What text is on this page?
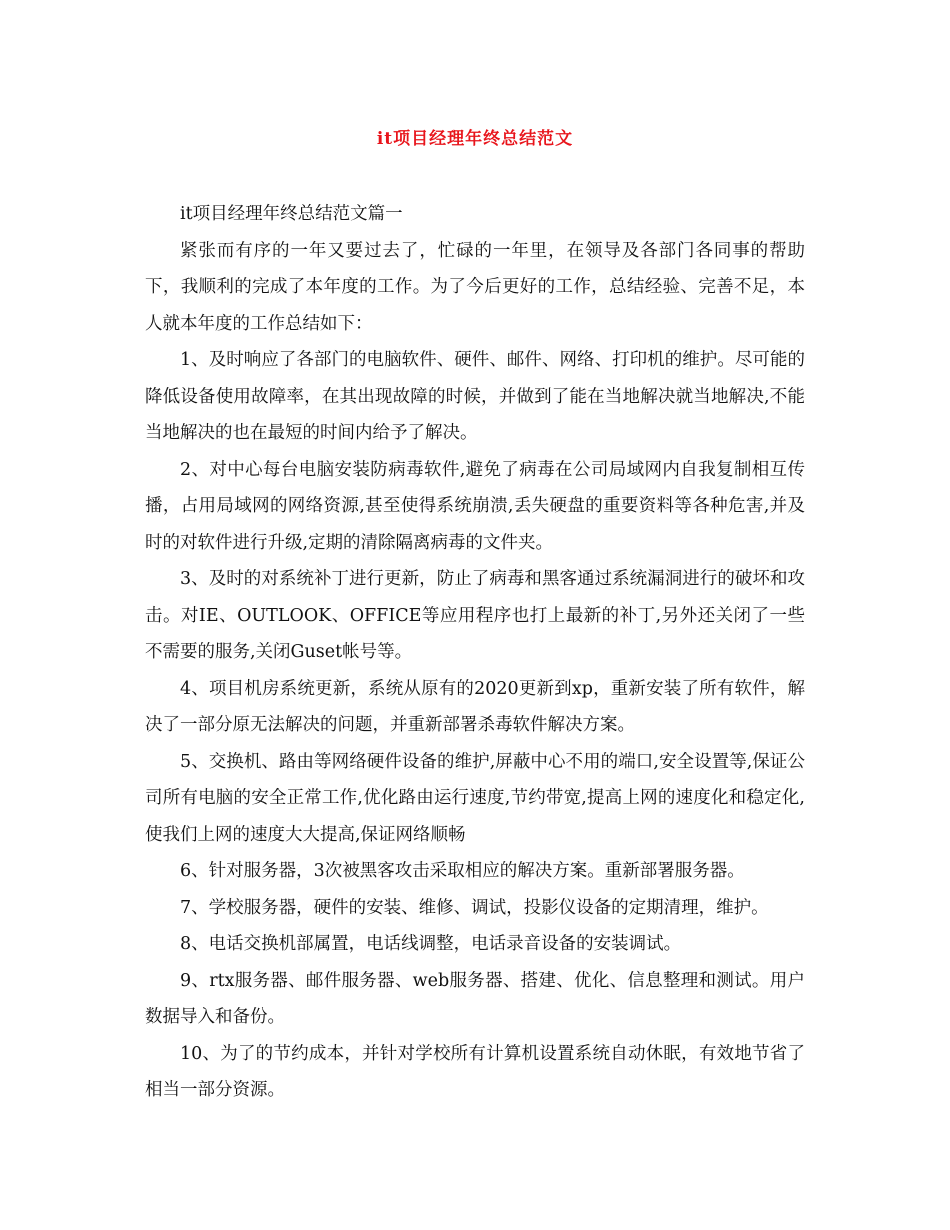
it项目经理年终总结范文

it项目经理年终总结范文篇一

紧张而有序的一年又要过去了，忙碌的一年里，在领导及各部门各同事的帮助下，我顺利的完成了本年度的工作。为了今后更好的工作，总结经验、完善不足，本人就本年度的工作总结如下：

1、及时响应了各部门的电脑软件、硬件、邮件、网络、打印机的维护。尽可能的降低设备使用故障率，在其出现故障的时候，并做到了能在当地解决就当地解决,不能当地解决的也在最短的时间内给予了解决。

2、对中心每台电脑安装防病毒软件,避免了病毒在公司局域网内自我复制相互传播，占用局域网的网络资源,甚至使得系统崩溃,丢失硬盘的重要资料等各种危害,并及时的对软件进行升级,定期的清除隔离病毒的文件夹。

3、及时的对系统补丁进行更新，防止了病毒和黑客通过系统漏洞进行的破坏和攻击。对IE、OUTLOOK、OFFICE等应用程序也打上最新的补丁,另外还关闭了一些不需要的服务,关闭Guset帐号等。

4、项目机房系统更新，系统从原有的2020更新到xp，重新安装了所有软件，解决了一部分原无法解决的问题，并重新部署杀毒软件解决方案。

5、交换机、路由等网络硬件设备的维护,屏蔽中心不用的端口,安全设置等,保证公司所有电脑的安全正常工作,优化路由运行速度,节约带宽,提高上网的速度化和稳定化,使我们上网的速度大大提高,保证网络顺畅

6、针对服务器，3次被黑客攻击采取相应的解决方案。重新部署服务器。

7、学校服务器，硬件的安装、维修、调试，投影仪设备的定期清理，维护。

8、电话交换机部属置，电话线调整，电话录音设备的安装调试。

9、rtx服务器、邮件服务器、web服务器、搭建、优化、信息整理和测试。用户数据导入和备份。

10、为了的节约成本，并针对学校所有计算机设置系统自动休眠，有效地节省了相当一部分资源。
